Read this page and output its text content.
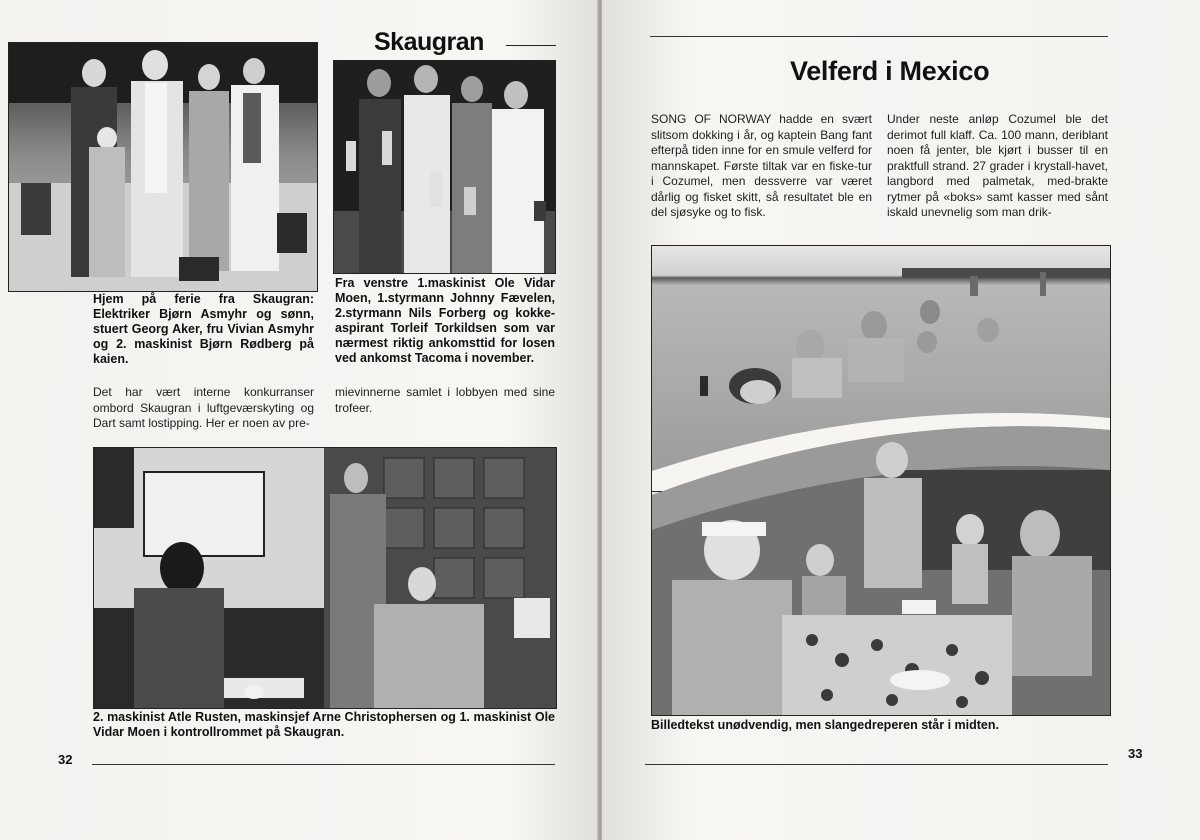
Skaugran
Hjem på ferie fra Skaugran: Elektriker Bjørn Asmyhr og sønn, stuert Georg Aker, fru Vivian Asmyhr og 2. maskinist Bjørn Rødberg på kaien.
Fra venstre 1.maskinist Ole Vidar Moen, 1.styrmann Johnny Fævelen, 2.styrmann Nils Forberg og kokke-aspirant Torleif Torkildsen som var nærmest riktig ankomsttid for losen ved ankomst Tacoma i november.
Det har vært interne konkurranser ombord Skaugran i luftgeværskyting og Dart samt lostipping. Her er noen av pre-
mievinnerne samlet i lobbyen med sine trofeer.
2. maskinist Atle Rusten, maskinsjef Arne Christophersen og 1. maskinist Ole Vidar Moen i kontrollrommet på Skaugran.
32
Velferd i Mexico
SONG OF NORWAY hadde en svært slitsom dokking i år, og kaptein Bang fant efterpå tiden inne for en smule velferd for mannskapet. Første tiltak var en fiske-tur i Cozumel, men dessverre var været dårlig og fisket skitt, så resultatet ble en del sjøsyke og to fisk.
Under neste anløp Cozumel ble det derimot full klaff. Ca. 100 mann, deriblant noen få jenter, ble kjørt i busser til en praktfull strand. 27 grader i krystall-havet, langbord med palmetak, med-brakte rytmer på «boks» samt kasser med sånt iskald unevnelig som man drik-
Billedtekst unødvendig, men slangedreperen står i midten.
33
